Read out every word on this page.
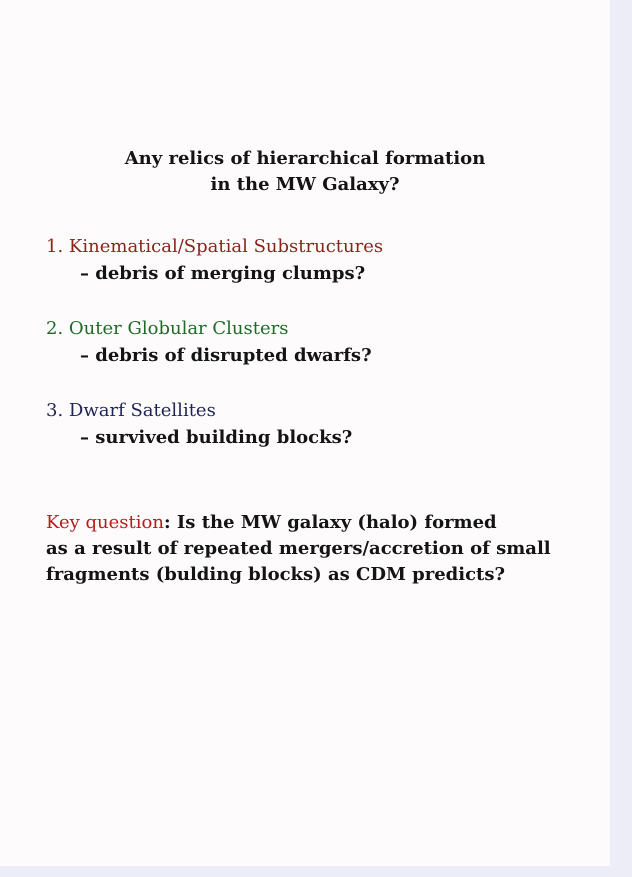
Any relics of hierarchical formation
in the MW Galaxy?
1. Kinematical/Spatial Substructures
– debris of merging clumps?
2. Outer Globular Clusters
– debris of disrupted dwarfs?
3. Dwarf Satellites
– survived building blocks?
Key question: Is the MW galaxy (halo) formed
as a result of repeated mergers/accretion of small
fragments (bulding blocks) as CDM predicts?
